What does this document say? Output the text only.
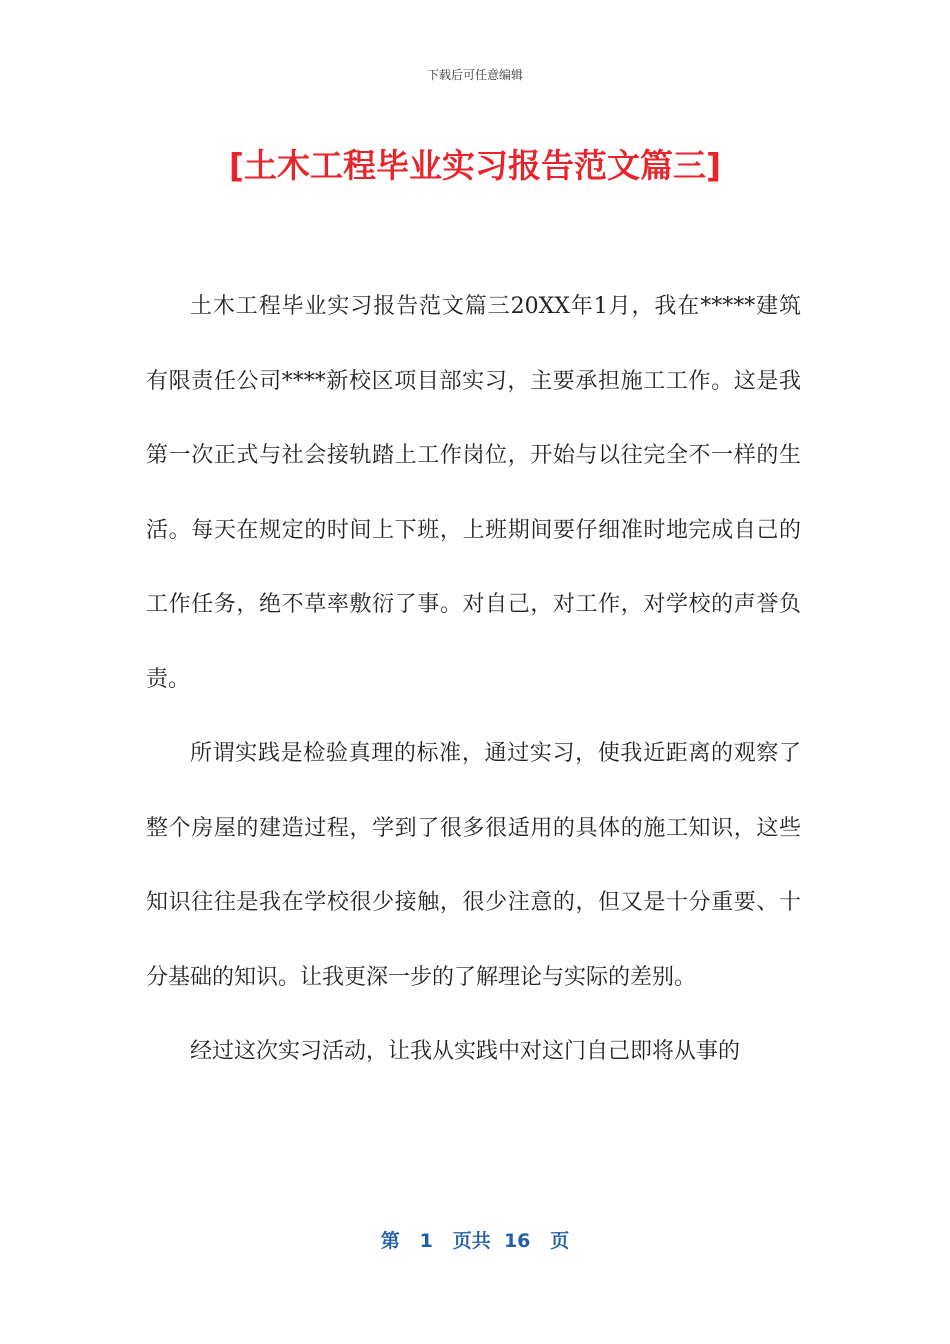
下载后可任意编辑
[土木工程毕业实习报告范文篇三]

土木工程毕业实习报告范文篇三20XX年1月，我在*****建筑有限责任公司****新校区项目部实习，主要承担施工工作。这是我第一次正式与社会接轨踏上工作岗位，开始与以往完全不一样的生活。每天在规定的时间上下班，上班期间要仔细准时地完成自己的工作任务，绝不草率敷衍了事。对自己，对工作，对学校的声誉负责。

所谓实践是检验真理的标准，通过实习，使我近距离的观察了整个房屋的建造过程，学到了很多很适用的具体的施工知识，这些知识往往是我在学校很少接触，很少注意的，但又是十分重要、十分基础的知识。让我更深一步的了解理论与实际的差别。

经过这次实习活动，让我从实践中对这门自己即将从事的

第 1 页共 16 页
